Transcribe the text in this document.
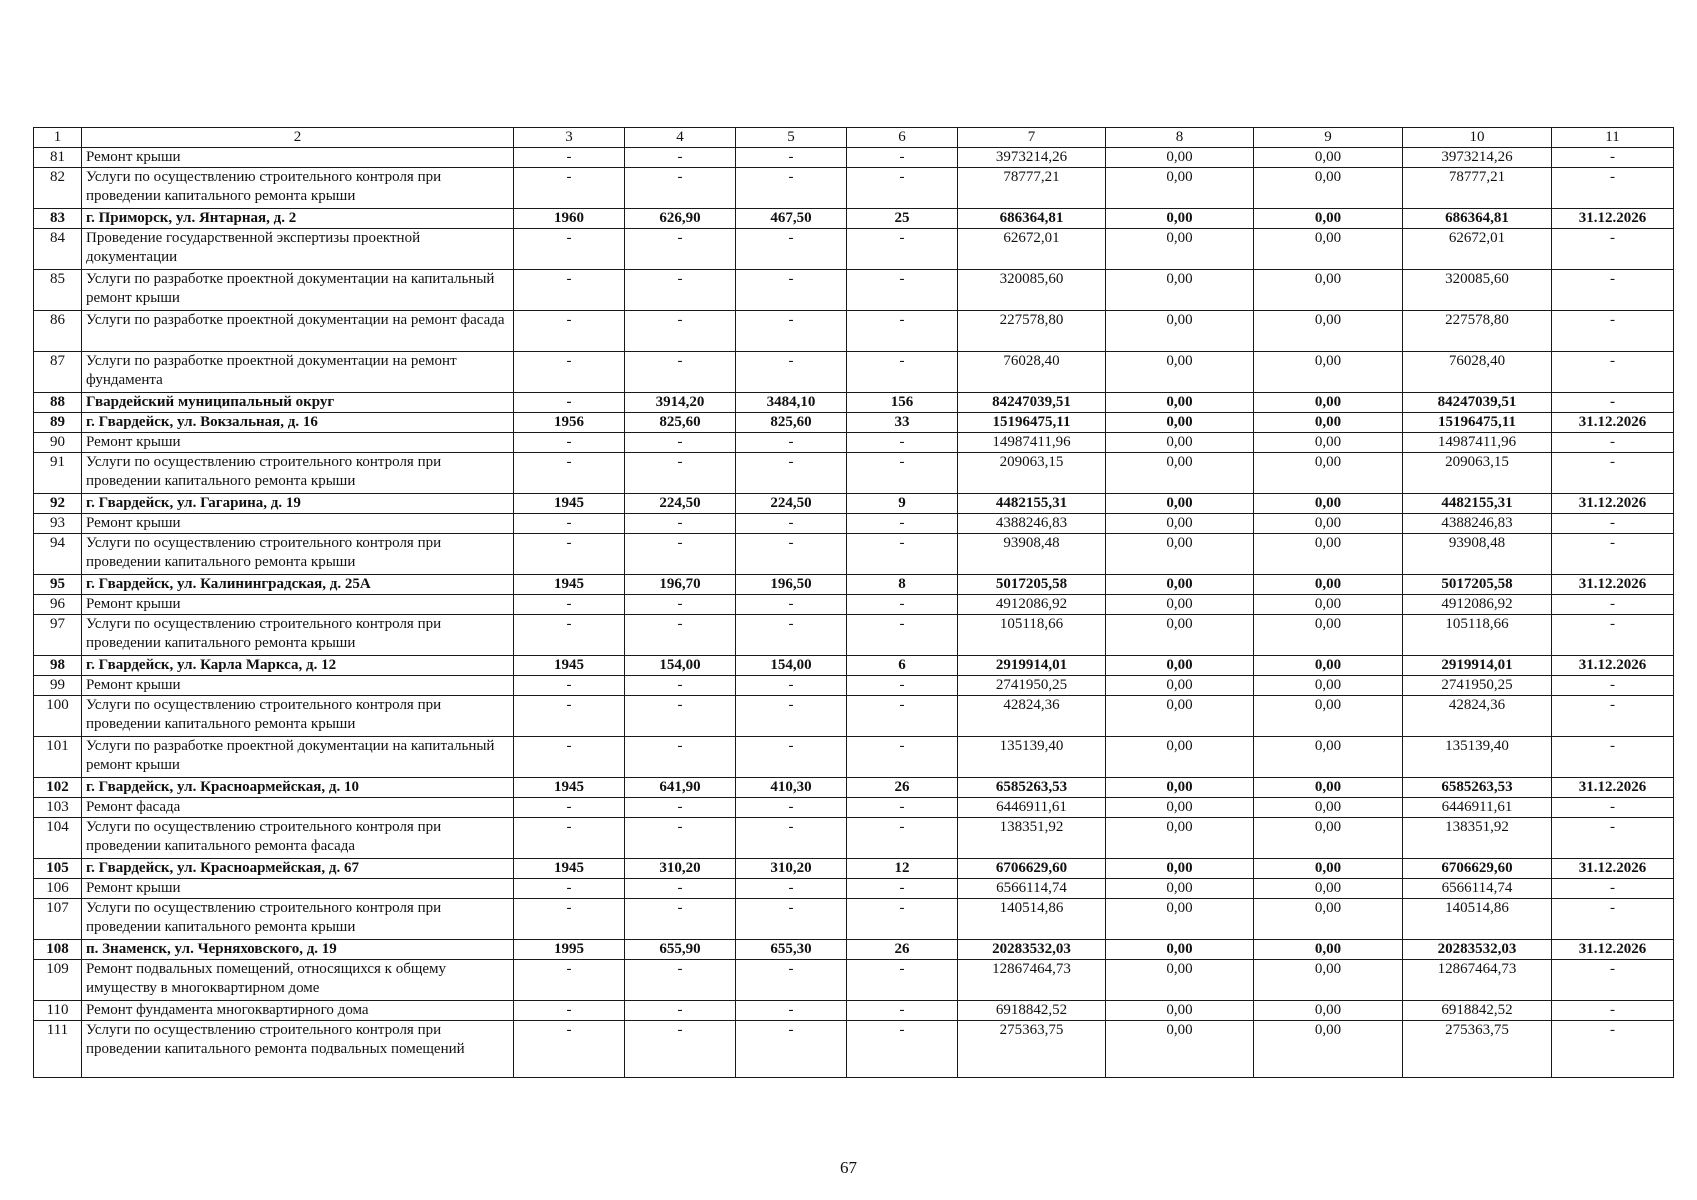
1	2	3	4	5	6	7	8	9	10	11
81	Ремонт крыши	-	-	-	-	3973214,26	0,00	0,00	3973214,26	-
82	Услуги по осуществлению строительного контроля при проведении капитального ремонта крыши	-	-	-	-	78777,21	0,00	0,00	78777,21	-
83	г. Приморск, ул. Янтарная, д. 2	1960	626,90	467,50	25	686364,81	0,00	0,00	686364,81	31.12.2026
84	Проведение государственной экспертизы проектной документации	-	-	-	-	62672,01	0,00	0,00	62672,01	-
85	Услуги по разработке проектной документации на капитальный ремонт крыши	-	-	-	-	320085,60	0,00	0,00	320085,60	-
86	Услуги по разработке проектной документации на ремонт фасада	-	-	-	-	227578,80	0,00	0,00	227578,80	-
87	Услуги по разработке проектной документации на ремонт фундамента	-	-	-	-	76028,40	0,00	0,00	76028,40	-
88	Гвардейский муниципальный округ	-	3914,20	3484,10	156	84247039,51	0,00	0,00	84247039,51	-
89	г. Гвардейск, ул. Вокзальная, д. 16	1956	825,60	825,60	33	15196475,11	0,00	0,00	15196475,11	31.12.2026
90	Ремонт крыши	-	-	-	-	14987411,96	0,00	0,00	14987411,96	-
91	Услуги по осуществлению строительного контроля при проведении капитального ремонта крыши	-	-	-	-	209063,15	0,00	0,00	209063,15	-
92	г. Гвардейск, ул. Гагарина, д. 19	1945	224,50	224,50	9	4482155,31	0,00	0,00	4482155,31	31.12.2026
93	Ремонт крыши	-	-	-	-	4388246,83	0,00	0,00	4388246,83	-
94	Услуги по осуществлению строительного контроля при проведении капитального ремонта крыши	-	-	-	-	93908,48	0,00	0,00	93908,48	-
95	г. Гвардейск, ул. Калининградская, д. 25А	1945	196,70	196,50	8	5017205,58	0,00	0,00	5017205,58	31.12.2026
96	Ремонт крыши	-	-	-	-	4912086,92	0,00	0,00	4912086,92	-
97	Услуги по осуществлению строительного контроля при проведении капитального ремонта крыши	-	-	-	-	105118,66	0,00	0,00	105118,66	-
98	г. Гвардейск, ул. Карла Маркса, д. 12	1945	154,00	154,00	6	2919914,01	0,00	0,00	2919914,01	31.12.2026
99	Ремонт крыши	-	-	-	-	2741950,25	0,00	0,00	2741950,25	-
100	Услуги по осуществлению строительного контроля при проведении капитального ремонта крыши	-	-	-	-	42824,36	0,00	0,00	42824,36	-
101	Услуги по разработке проектной документации на капитальный ремонт крыши	-	-	-	-	135139,40	0,00	0,00	135139,40	-
102	г. Гвардейск, ул. Красноармейская, д. 10	1945	641,90	410,30	26	6585263,53	0,00	0,00	6585263,53	31.12.2026
103	Ремонт фасада	-	-	-	-	6446911,61	0,00	0,00	6446911,61	-
104	Услуги по осуществлению строительного контроля при проведении капитального ремонта фасада	-	-	-	-	138351,92	0,00	0,00	138351,92	-
105	г. Гвардейск, ул. Красноармейская, д. 67	1945	310,20	310,20	12	6706629,60	0,00	0,00	6706629,60	31.12.2026
106	Ремонт крыши	-	-	-	-	6566114,74	0,00	0,00	6566114,74	-
107	Услуги по осуществлению строительного контроля при проведении капитального ремонта крыши	-	-	-	-	140514,86	0,00	0,00	140514,86	-
108	п. Знаменск, ул. Черняховского, д. 19	1995	655,90	655,30	26	20283532,03	0,00	0,00	20283532,03	31.12.2026
109	Ремонт подвальных помещений, относящихся к общему имуществу в многоквартирном доме	-	-	-	-	12867464,73	0,00	0,00	12867464,73	-
110	Ремонт фундамента многоквартирного дома	-	-	-	-	6918842,52	0,00	0,00	6918842,52	-
111	Услуги по осуществлению строительного контроля при проведении капитального ремонта подвальных помещений	-	-	-	-	275363,75	0,00	0,00	275363,75	-
67
